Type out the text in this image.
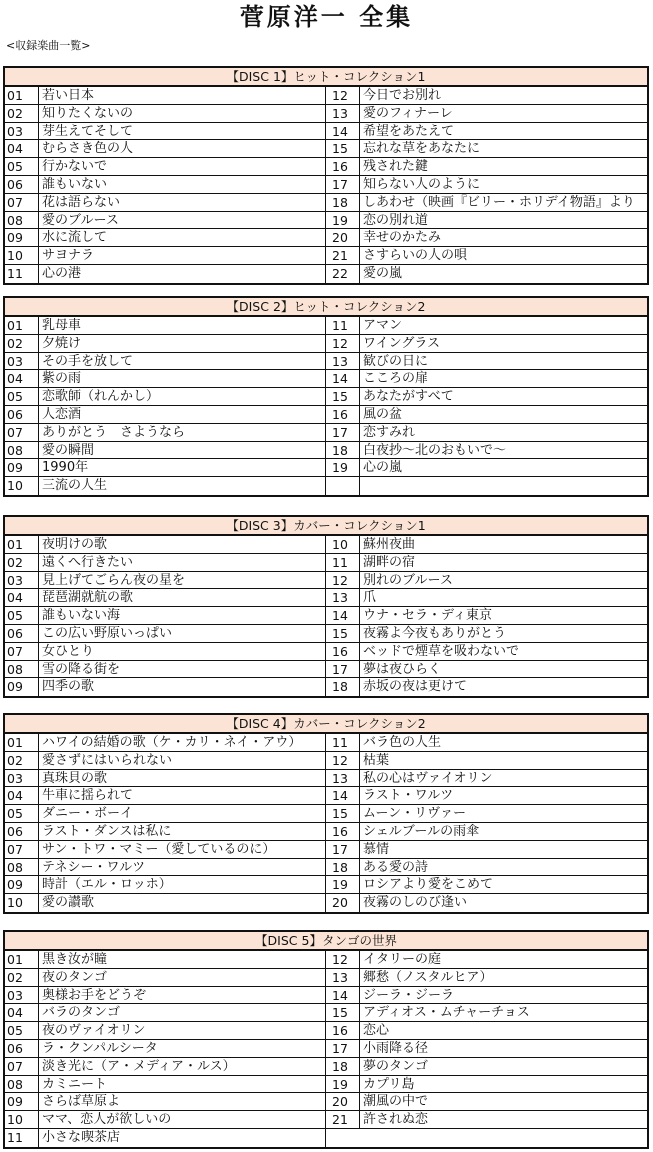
菅原洋一 全集
<収録楽曲一覧>
【DISC 1】ヒット・コレクション1
01	若い日本
02	知りたくないの
03	芽生えてそして
04	むらさき色の人
05	行かないで
06	誰もいない
07	花は語らない
08	愛のブルース
09	水に流して
10	サヨナラ
11	心の港
12	今日でお別れ
13	愛のフィナーレ
14	希望をあたえて
15	忘れな草をあなたに
16	残された鍵
17	知らない人のように
18	しあわせ（映画『ビリー・ホリデイ物語』より
19	恋の別れ道
20	幸せのかたみ
21	さすらいの人の唄
22	愛の嵐
【DISC 2】ヒット・コレクション2
01	乳母車
02	夕焼け
03	その手を放して
04	紫の雨
05	恋歌師（れんかし）
06	人恋酒
07	ありがとう　さようなら
08	愛の瞬間
09	1990年
10	三流の人生
11	アマン
12	ワイングラス
13	歓びの日に
14	こころの扉
15	あなたがすべて
16	風の盆
17	恋すみれ
18	白夜抄～北のおもいで～
19	心の嵐
【DISC 3】カバー・コレクション1
01	夜明けの歌
02	遠くへ行きたい
03	見上げてごらん夜の星を
04	琵琶湖就航の歌
05	誰もいない海
06	この広い野原いっぱい
07	女ひとり
08	雪の降る街を
09	四季の歌
10	蘇州夜曲
11	湖畔の宿
12	別れのブルース
13	爪
14	ウナ・セラ・ディ東京
15	夜霧よ今夜もありがとう
16	ベッドで煙草を吸わないで
17	夢は夜ひらく
18	赤坂の夜は更けて
【DISC 4】カバー・コレクション2
01	ハワイの結婚の歌（ケ・カリ・ネイ・アウ）
02	愛さずにはいられない
03	真珠貝の歌
04	牛車に揺られて
05	ダニー・ボーイ
06	ラスト・ダンスは私に
07	サン・トワ・マミー（愛しているのに）
08	テネシー・ワルツ
09	時計（エル・ロッホ）
10	愛の讃歌
11	バラ色の人生
12	枯葉
13	私の心はヴァイオリン
14	ラスト・ワルツ
15	ムーン・リヴァー
16	シェルブールの雨傘
17	慕情
18	ある愛の詩
19	ロシアより愛をこめて
20	夜霧のしのび逢い
【DISC 5】タンゴの世界
01	黒き汝が瞳
02	夜のタンゴ
03	奥様お手をどうぞ
04	バラのタンゴ
05	夜のヴァイオリン
06	ラ・クンパルシータ
07	淡き光に（ア・メディア・ルス）
08	カミニート
09	さらば草原よ
10	ママ、恋人が欲しいの
11	小さな喫茶店
12	イタリーの庭
13	郷愁（ノスタルヒア）
14	ジーラ・ジーラ
15	アディオス・ムチャーチョス
16	恋心
17	小雨降る径
18	夢のタンゴ
19	カプリ島
20	潮風の中で
21	許されぬ恋
